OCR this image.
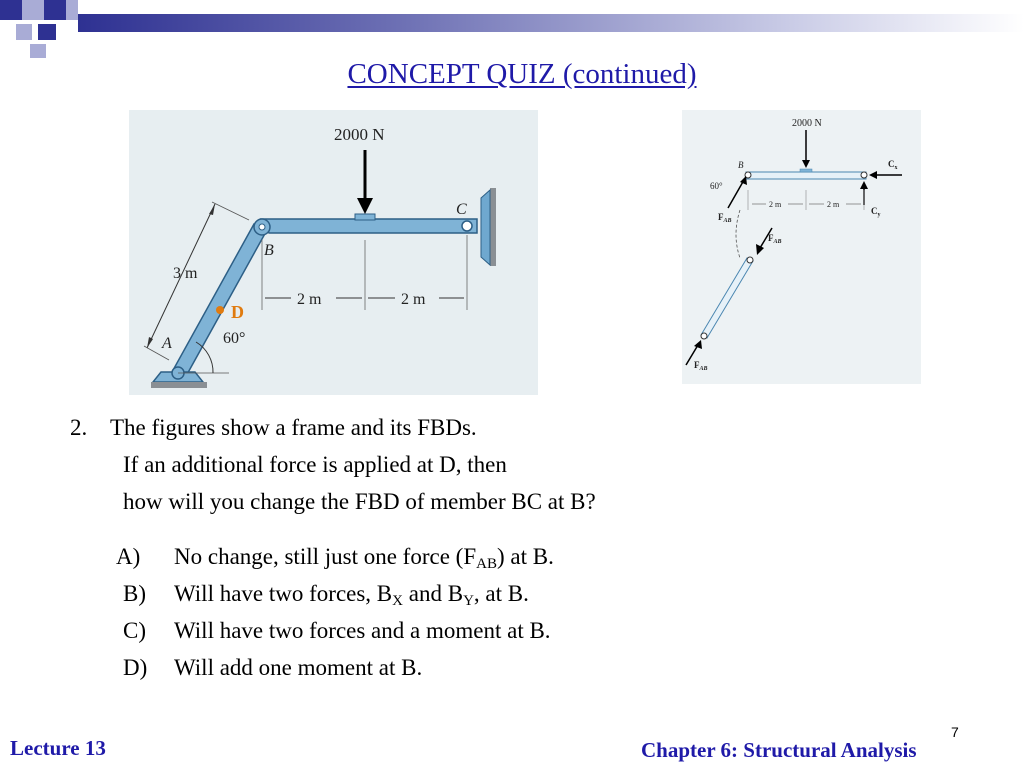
CONCEPT QUIZ (continued)
2000 N
B
C
A
3 m
2 m	2 m
D
60°
2000 N
B	$C_x$
$C_y$
60°
$F_{AB}$
2 m	2 m
$F_{AB}$
$F_{AB}$
2. The figures show a frame and its FBDs.
If an additional force is applied at D, then
how will you change the FBD of member BC at B?
A) No change, still just one force $(F_{AB})$ at B.
B) Will have two forces, $B_X$ and $B_Y$, at B.
C) Will have two forces and a moment at B.
D) Will add one moment at B.
Lecture 13	Chapter 6: Structural Analysis
7
